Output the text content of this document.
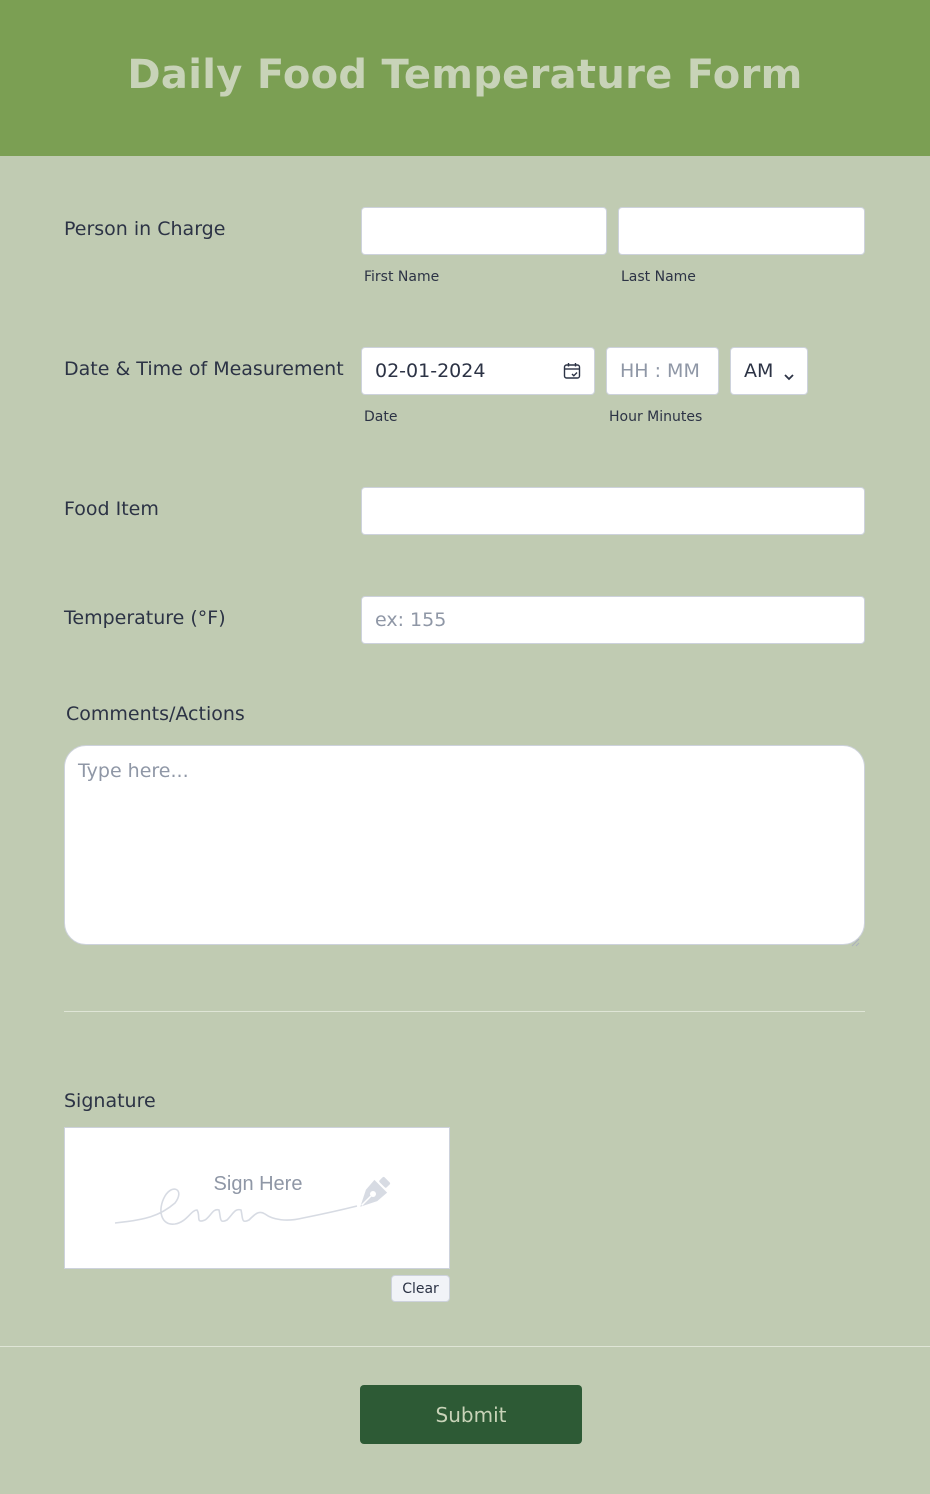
Daily Food Temperature Form
Person in Charge
First Name	Last Name
Date & Time of Measurement 02-01-2024	HH : MM AM
Date	Hour Minutes
Food Item
Temperature (°F)	ex: 155
Comments/Actions
Type here...
Signature
Sign Here
Clear
Submit
